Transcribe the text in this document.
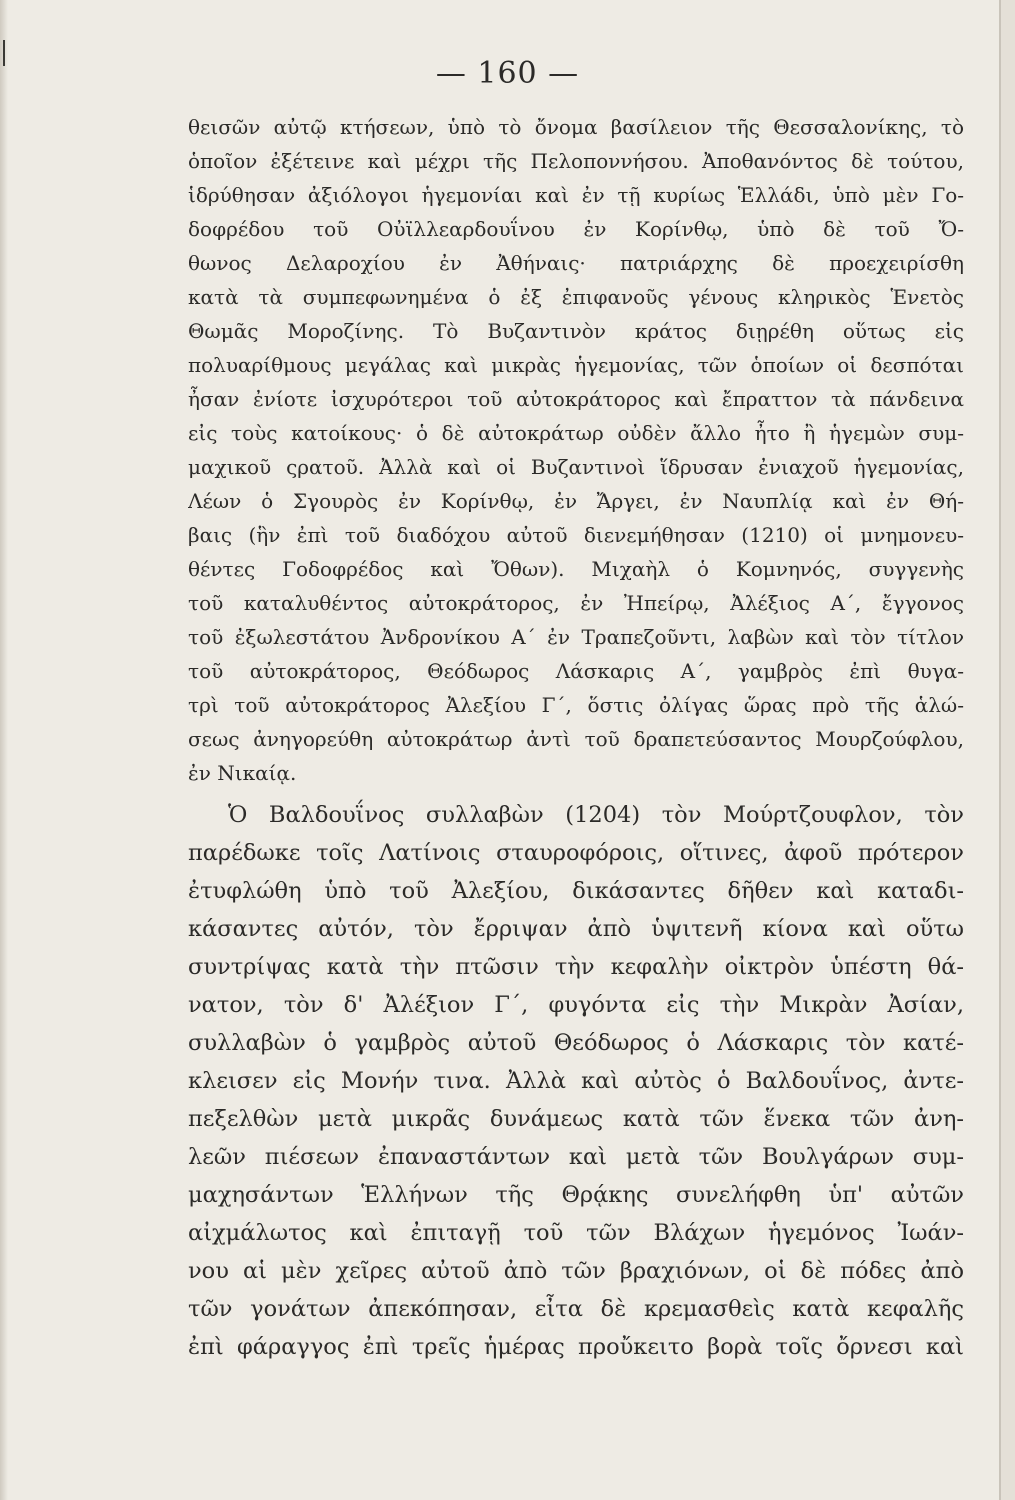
— 160 —
θεισῶν αὐτῷ κτήσεων, ὑπὸ τὸ ὄνομα βασίλειον τῆς Θεσσαλονίκης, τὸ
ὁποῖον ἐξέτεινε καὶ μέχρι τῆς Πελοποννήσου. Ἀποθανόντος δὲ τούτου,
ἱδρύθησαν ἀξιόλογοι ἡγεμονίαι καὶ ἐν τῇ κυρίως Ἑλλάδι, ὑπὸ μὲν Γο-
δοφρέδου τοῦ Οὐϊλλεαρδουΐνου ἐν Κορίνθῳ, ὑπὸ δὲ τοῦ Ὄ-
θωνος Δελαροχίου ἐν Ἀθήναις· πατριάρχης δὲ προεχειρίσθη
κατὰ τὰ συμπεφωνημένα ὁ ἐξ ἐπιφανοῦς γένους κληρικὸς Ἑνετὸς
Θωμᾶς Μοροζίνης. Τὸ Βυζαντινὸν κράτος διῃρέθη οὕτως εἰς
πολυαρίθμους μεγάλας καὶ μικρὰς ἡγεμονίας, τῶν ὁποίων οἱ δεσπόται
ἦσαν ἐνίοτε ἰσχυρότεροι τοῦ αὐτοκράτορος καὶ ἔπραττον τὰ πάνδεινα
εἰς τοὺς κατοίκους· ὁ δὲ αὐτοκράτωρ οὐδὲν ἄλλο ἦτο ἢ ἡγεμὼν συμ-
μαχικοῦ ςρατοῦ. Ἀλλὰ καὶ οἱ Βυζαντινοὶ ἵδρυσαν ἐνιαχοῦ ἡγεμονίας,
Λέων ὁ Σγουρὸς ἐν Κορίνθῳ, ἐν Ἄργει, ἐν Ναυπλίᾳ καὶ ἐν Θή-
βαις (ἣν ἐπὶ τοῦ διαδόχου αὐτοῦ διενεμήθησαν (1210) οἱ μνημονευ-
θέντες Γοδοφρέδος καὶ Ὄθων). Μιχαὴλ ὁ Κομνηνός, συγγενὴς
τοῦ καταλυθέντος αὐτοκράτορος, ἐν Ἠπείρῳ, Ἀλέξιος Α΄, ἔγγονος
τοῦ ἐξωλεστάτου Ἀνδρονίκου Α΄ ἐν Τραπεζοῦντι, λαβὼν καὶ τὸν τίτλον
τοῦ αὐτοκράτορος, Θεόδωρος Λάσκαρις Α΄, γαμβρὸς ἐπὶ θυγα-
τρὶ τοῦ αὐτοκράτορος Ἀλεξίου Γ΄, ὅστις ὀλίγας ὥρας πρὸ τῆς ἁλώ-
σεως ἀνηγορεύθη αὐτοκράτωρ ἀντὶ τοῦ δραπετεύσαντος Μουρζούφλου,
ἐν Νικαίᾳ.
Ὁ Βαλδουΐνος συλλαβὼν (1204) τὸν Μούρτζουφλον, τὸν
παρέδωκε τοῖς Λατίνοις σταυροφόροις, οἵτινες, ἀφοῦ πρότερον
ἐτυφλώθη ὑπὸ τοῦ Ἀλεξίου, δικάσαντες δῆθεν καὶ καταδι-
κάσαντες αὐτόν, τὸν ἔρριψαν ἀπὸ ὑψιτενῆ κίονα καὶ οὕτω
συντρίψας κατὰ τὴν πτῶσιν τὴν κεφαλὴν οἰκτρὸν ὑπέστη θά-
νατον, τὸν δ' Ἀλέξιον Γ΄, φυγόντα εἰς τὴν Μικρὰν Ἀσίαν,
συλλαβὼν ὁ γαμβρὸς αὐτοῦ Θεόδωρος ὁ Λάσκαρις τὸν κατέ-
κλεισεν εἰς Μονήν τινα. Ἀλλὰ καὶ αὐτὸς ὁ Βαλδουΐνος, ἀντε-
πεξελθὼν μετὰ μικρᾶς δυνάμεως κατὰ τῶν ἕνεκα τῶν ἀνη-
λεῶν πιέσεων ἐπαναστάντων καὶ μετὰ τῶν Βουλγάρων συμ-
μαχησάντων Ἑλλήνων τῆς Θρᾴκης συνελήφθη ὑπ' αὐτῶν
αἰχμάλωτος καὶ ἐπιταγῇ τοῦ τῶν Βλάχων ἡγεμόνος Ἰωάν-
νου αἱ μὲν χεῖρες αὐτοῦ ἀπὸ τῶν βραχιόνων, οἱ δὲ πόδες ἀπὸ
τῶν γονάτων ἀπεκόπησαν, εἶτα δὲ κρεμασθεὶς κατὰ κεφαλῆς
ἐπὶ φάραγγος ἐπὶ τρεῖς ἡμέρας προὔκειτο βορὰ τοῖς ὄρνεσι καὶ
